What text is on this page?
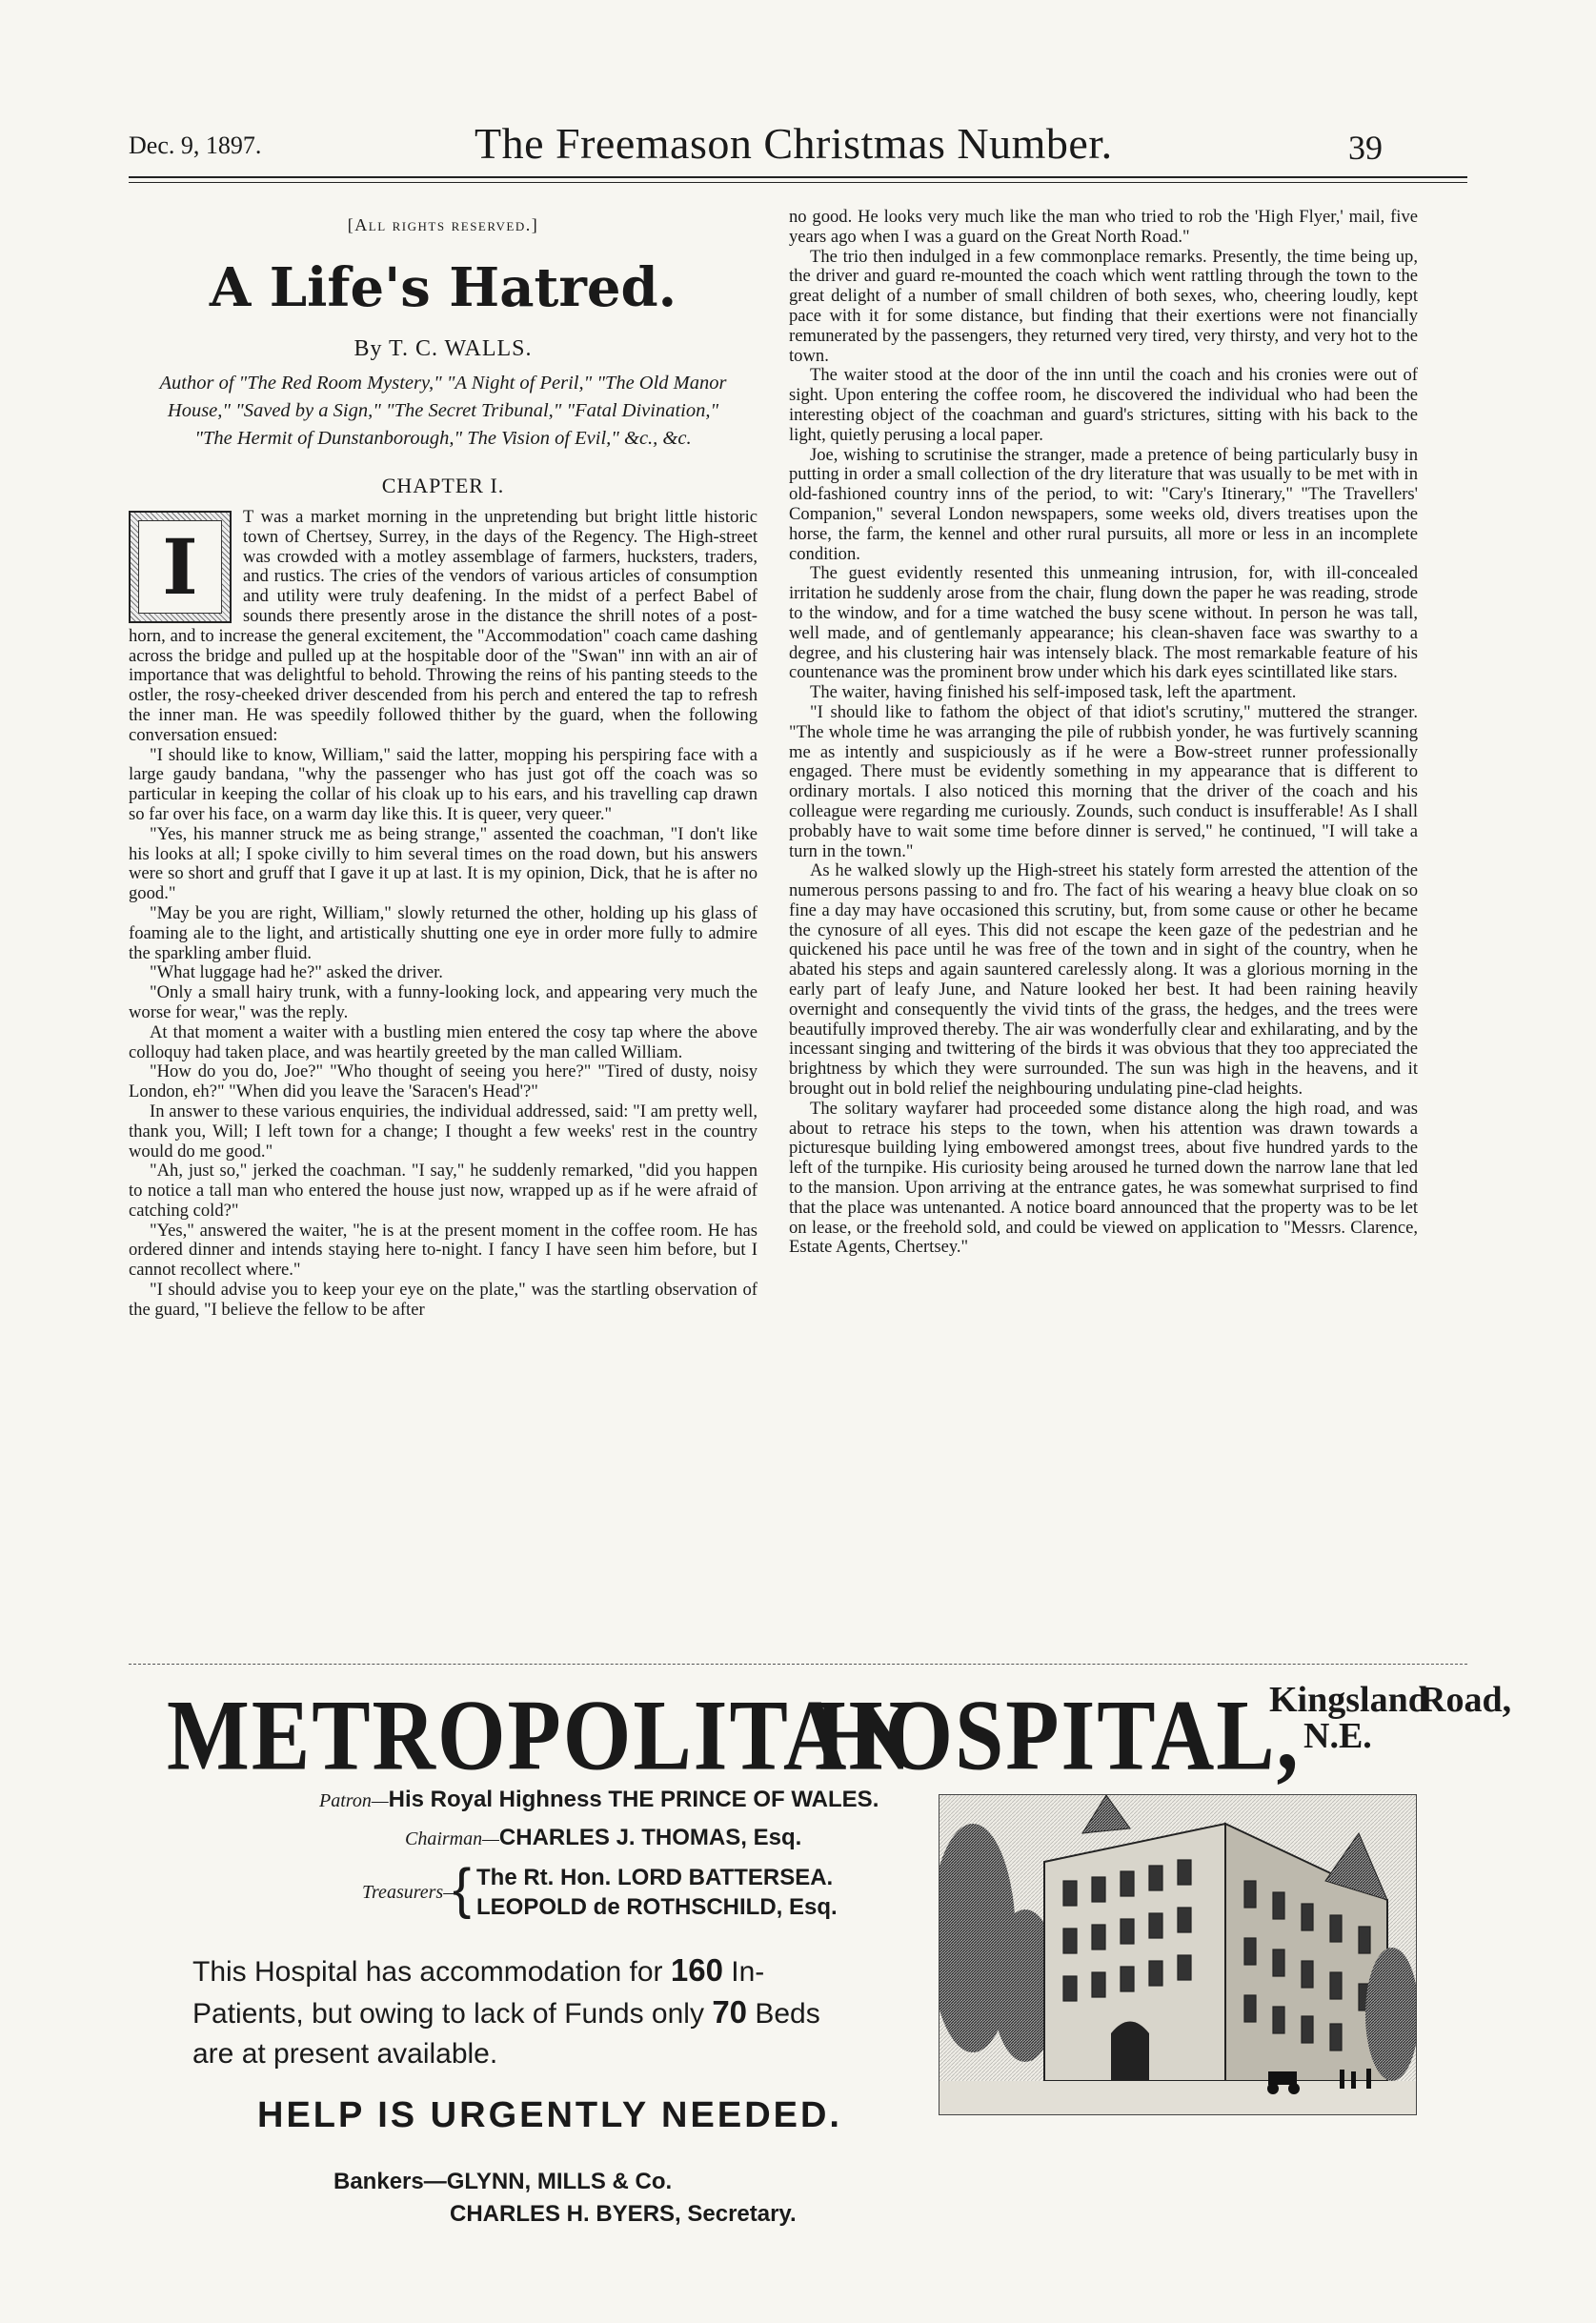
Dec. 9, 1897.	The Freemason Christmas Number.	39
[All rights reserved.]
A Life's Hatred.
By T. C. WALLS.
Author of "The Red Room Mystery," "A Night of Peril," "The Old Manor House," "Saved by a Sign," "The Secret Tribunal," "Fatal Divination," "The Hermit of Dunstanborough," The Vision of Evil," &c., &c.
CHAPTER I.

I
T was a market morning in the unpretending but bright little historic town of Chertsey, Surrey, in the days of the Regency. The High-street was crowded with a motley assemblage of farmers, hucksters, traders, and rustics. The cries of the vendors of various articles of consumption and utility were truly deafening. In the midst of a perfect Babel of sounds there presently arose in the distance the shrill notes of a post-horn, and to increase the general excitement, the "Accommodation" coach came dashing across the bridge and pulled up at the hospitable door of the "Swan" inn with an air of importance that was delightful to behold. Throwing the reins of his panting steeds to the ostler, the rosy-cheeked driver descended from his perch and entered the tap to refresh the inner man. He was speedily followed thither by the guard, when the following conversation ensued:

"I should like to know, William," said the latter, mopping his perspiring face with a large gaudy bandana, "why the passenger who has just got off the coach was so particular in keeping the collar of his cloak up to his ears, and his travelling cap drawn so far over his face, on a warm day like this. It is queer, very queer."

"Yes, his manner struck me as being strange," assented the coachman, "I don't like his looks at all; I spoke civilly to him several times on the road down, but his answers were so short and gruff that I gave it up at last. It is my opinion, Dick, that he is after no good."

"May be you are right, William," slowly returned the other, holding up his glass of foaming ale to the light, and artistically shutting one eye in order more fully to admire the sparkling amber fluid.

"What luggage had he?" asked the driver.

"Only a small hairy trunk, with a funny-looking lock, and appearing very much the worse for wear," was the reply.

At that moment a waiter with a bustling mien entered the cosy tap where the above colloquy had taken place, and was heartily greeted by the man called William.

"How do you do, Joe?" "Who thought of seeing you here?" "Tired of dusty, noisy London, eh?" "When did you leave the 'Saracen's Head'?"

In answer to these various enquiries, the individual addressed, said: "I am pretty well, thank you, Will; I left town for a change; I thought a few weeks' rest in the country would do me good."

"Ah, just so," jerked the coachman. "I say," he suddenly remarked, "did you happen to notice a tall man who entered the house just now, wrapped up as if he were afraid of catching cold?"

"Yes," answered the waiter, "he is at the present moment in the coffee room. He has ordered dinner and intends staying here to-night. I fancy I have seen him before, but I cannot recollect where."

"I should advise you to keep your eye on the plate," was the startling observation of the guard, "I believe the fellow to be after

no good. He looks very much like the man who tried to rob the 'High Flyer,' mail, five years ago when I was a guard on the Great North Road."

The trio then indulged in a few commonplace remarks. Presently, the time being up, the driver and guard re-mounted the coach which went rattling through the town to the great delight of a number of small children of both sexes, who, cheering loudly, kept pace with it for some distance, but finding that their exertions were not financially remunerated by the passengers, they returned very tired, very thirsty, and very hot to the town.

The waiter stood at the door of the inn until the coach and his cronies were out of sight. Upon entering the coffee room, he discovered the individual who had been the interesting object of the coachman and guard's strictures, sitting with his back to the light, quietly perusing a local paper.

Joe, wishing to scrutinise the stranger, made a pretence of being particularly busy in putting in order a small collection of the dry literature that was usually to be met with in old-fashioned country inns of the period, to wit: "Cary's Itinerary," "The Travellers' Companion," several London newspapers, some weeks old, divers treatises upon the horse, the farm, the kennel and other rural pursuits, all more or less in an incomplete condition.

The guest evidently resented this unmeaning intrusion, for, with ill-concealed irritation he suddenly arose from the chair, flung down the paper he was reading, strode to the window, and for a time watched the busy scene without. In person he was tall, well made, and of gentlemanly appearance; his clean-shaven face was swarthy to a degree, and his clustering hair was intensely black. The most remarkable feature of his countenance was the prominent brow under which his dark eyes scintillated like stars.

The waiter, having finished his self-imposed task, left the apartment.

"I should like to fathom the object of that idiot's scrutiny," muttered the stranger. "The whole time he was arranging the pile of rubbish yonder, he was furtively scanning me as intently and suspiciously as if he were a Bow-street runner professionally engaged. There must be evidently something in my appearance that is different to ordinary mortals. I also noticed this morning that the driver of the coach and his colleague were regarding me curiously. Zounds, such conduct is insufferable! As I shall probably have to wait some time before dinner is served," he continued, "I will take a turn in the town."

As he walked slowly up the High-street his stately form arrested the attention of the numerous persons passing to and fro. The fact of his wearing a heavy blue cloak on so fine a day may have occasioned this scrutiny, but, from some cause or other he became the cynosure of all eyes. This did not escape the keen gaze of the pedestrian and he quickened his pace until he was free of the town and in sight of the country, when he abated his steps and again sauntered carelessly along. It was a glorious morning in the early part of leafy June, and Nature looked her best. It had been raining heavily overnight and consequently the vivid tints of the grass, the hedges, and the trees were beautifully improved thereby. The air was wonderfully clear and exhilarating, and by the incessant singing and twittering of the birds it was obvious that they too appreciated the brightness by which they were surrounded. The sun was high in the heavens, and it brought out in bold relief the neighbouring undulating pine-clad heights.

The solitary wayfarer had proceeded some distance along the high road, and was about to retrace his steps to the town, when his attention was drawn towards a picturesque building lying embowered amongst trees, about five hundred yards to the left of the turnpike. His curiosity being aroused he turned down the narrow lane that led to the mansion. Upon arriving at the entrance gates, he was somewhat surprised to find that the place was untenanted. A notice board announced that the property was to be let on lease, or the freehold sold, and could be viewed on application to "Messrs. Clarence, Estate Agents, Chertsey."

METROPOLITAN
HOSPITAL,
Kingsland
Road,
N.E.
Patron—His Royal Highness THE PRINCE OF WALES.
Chairman—CHARLES J. THOMAS, Esq.
Treasurers—
{ The Rt. Hon. LORD BATTERSEA.
LEOPOLD de ROTHSCHILD, Esq.
This Hospital has accommodation for 160 In-Patients, but owing to lack of Funds only 70 Beds are at present available.
HELP IS URGENTLY NEEDED.
Bankers—GLYNN, MILLS & Co.
CHARLES H. BYERS, Secretary.
